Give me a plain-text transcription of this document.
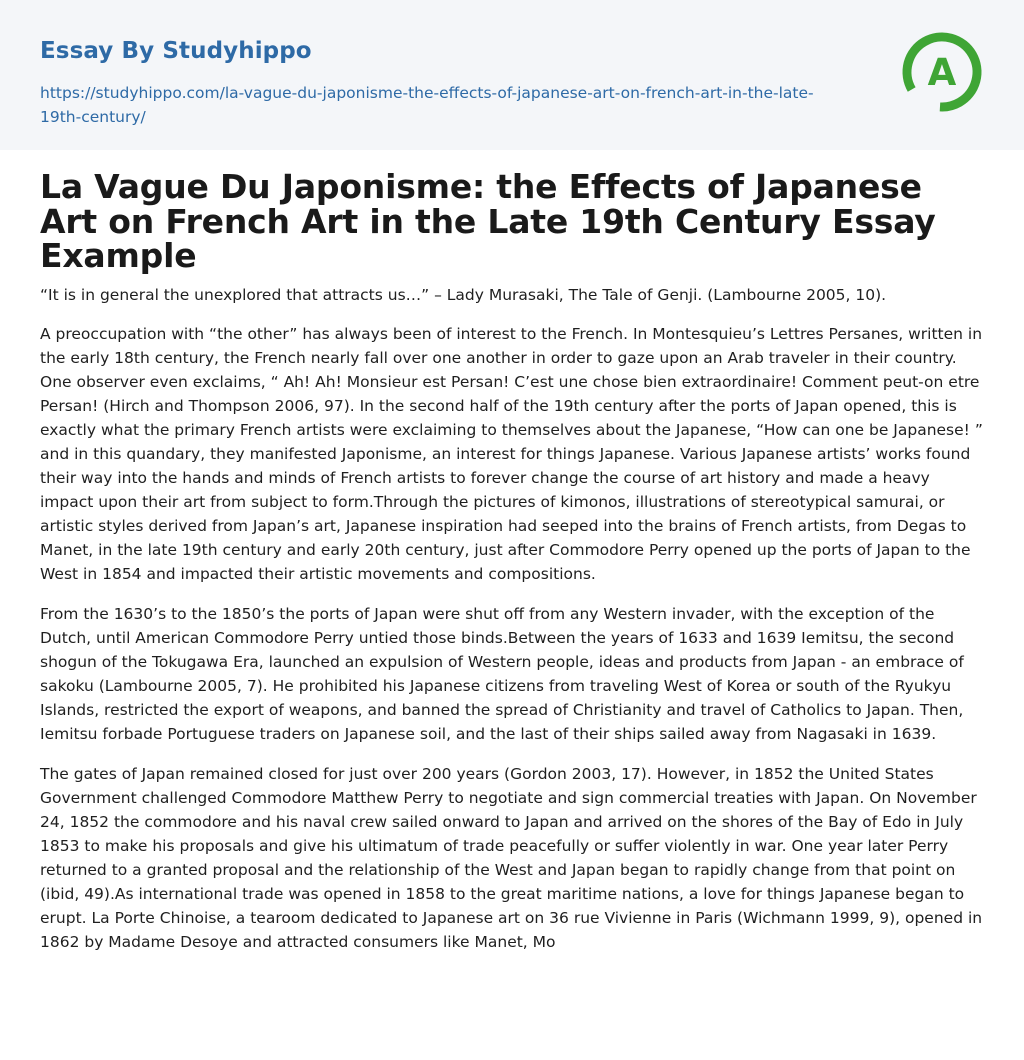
Essay By Studyhippo
https://studyhippo.com/la-vague-du-japonisme-the-effects-of-japanese-art-on-french-art-in-the-late-19th-century/
A
La Vague Du Japonisme: the Effects of Japanese Art on French Art in the Late 19th Century Essay Example

“It is in general the unexplored that attracts us…” – Lady Murasaki, The Tale of Genji. (Lambourne 2005, 10).

A preoccupation with “the other” has always been of interest to the French. In Montesquieu’s Lettres Persanes, written in the early 18th century, the French nearly fall over one another in order to gaze upon an Arab traveler in their country. One observer even exclaims, “ Ah! Ah! Monsieur est Persan! C’est une chose bien extraordinaire! Comment peut-on etre Persan! (Hirch and Thompson 2006, 97). In the second half of the 19th century after the ports of Japan opened, this is exactly what the primary French artists were exclaiming to themselves about the Japanese, “How can one be Japanese! ” and in this quandary, they manifested Japonisme, an interest for things Japanese. Various Japanese artists’ works found their way into the hands and minds of French artists to forever change the course of art history and made a heavy impact upon their art from subject to form.Through the pictures of kimonos, illustrations of stereotypical samurai, or artistic styles derived from Japan’s art, Japanese inspiration had seeped into the brains of French artists, from Degas to Manet, in the late 19th century and early 20th century, just after Commodore Perry opened up the ports of Japan to the West in 1854 and impacted their artistic movements and compositions.

From the 1630’s to the 1850’s the ports of Japan were shut off from any Western invader, with the exception of the Dutch, until American Commodore Perry untied those binds.Between the years of 1633 and 1639 Iemitsu, the second shogun of the Tokugawa Era, launched an expulsion of Western people, ideas and products from Japan - an embrace of sakoku (Lambourne 2005, 7). He prohibited his Japanese citizens from traveling West of Korea or south of the Ryukyu Islands, restricted the export of weapons, and banned the spread of Christianity and travel of Catholics to Japan. Then, Iemitsu forbade Portuguese traders on Japanese soil, and the last of their ships sailed away from Nagasaki in 1639.

The gates of Japan remained closed for just over 200 years (Gordon 2003, 17). However, in 1852 the United States Government challenged Commodore Matthew Perry to negotiate and sign commercial treaties with Japan. On November 24, 1852 the commodore and his naval crew sailed onward to Japan and arrived on the shores of the Bay of Edo in July 1853 to make his proposals and give his ultimatum of trade peacefully or suffer violently in war. One year later Perry returned to a granted proposal and the relationship of the West and Japan began to rapidly change from that point on (ibid, 49).As international trade was opened in 1858 to the great maritime nations, a love for things Japanese began to erupt. La Porte Chinoise, a tearoom dedicated to Japanese art on 36 rue Vivienne in Paris (Wichmann 1999, 9), opened in 1862 by Madame Desoye and attracted consumers like Manet, Mo
